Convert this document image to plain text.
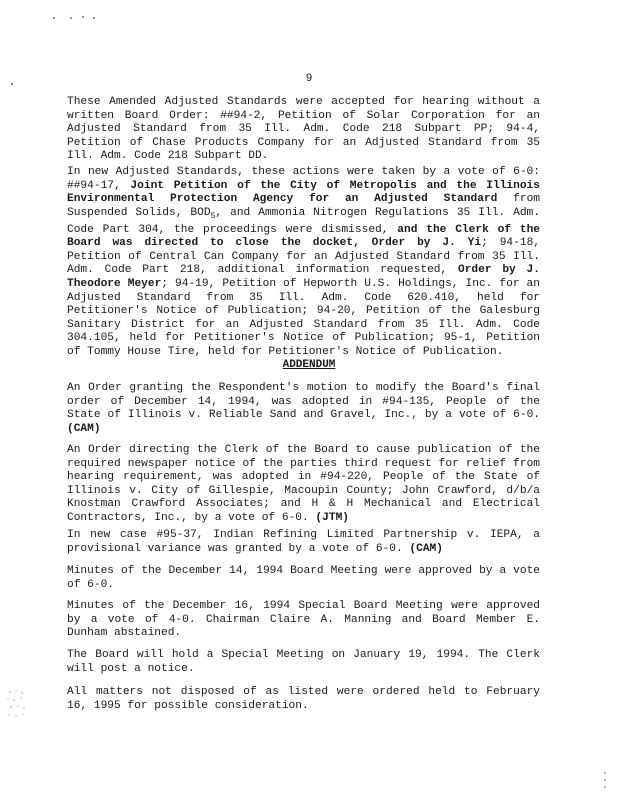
9

These Amended Adjusted Standards were accepted for hearing without a written Board Order: ##94-2, Petition of Solar Corporation for an Adjusted Standard from 35 Ill. Adm. Code 218 Subpart PP; 94-4, Petition of Chase Products Company for an Adjusted Standard from 35 Ill. Adm. Code 218 Subpart DD.

In new Adjusted Standards, these actions were taken by a vote of 6-0: ##94-17, Joint Petition of the City of Metropolis and the Illinois Environmental Protection Agency for an Adjusted Standard from Suspended Solids, $BOD_5$, and Ammonia Nitrogen Regulations 35 Ill. Adm. Code Part 304, the proceedings were dismissed, and the Clerk of the Board was directed to close the docket, Order by J. Yi; 94-18, Petition of Central Can Company for an Adjusted Standard from 35 Ill. Adm. Code Part 218, additional information requested, Order by J. Theodore Meyer; 94-19, Petition of Hepworth U.S. Holdings, Inc. for an Adjusted Standard from 35 Ill. Adm. Code 620.410, held for Petitioner's Notice of Publication; 94-20, Petition of the Galesburg Sanitary District for an Adjusted Standard from 35 Ill. Adm. Code 304.105, held for Petitioner's Notice of Publication; 95-1, Petition of Tommy House Tire, held for Petitioner's Notice of Publication.

ADDENDUM

An Order granting the Respondent's motion to modify the Board's final order of December 14, 1994, was adopted in #94-135, People of the State of Illinois v. Reliable Sand and Gravel, Inc., by a vote of 6-0. (CAM)

An Order directing the Clerk of the Board to cause publication of the required newspaper notice of the parties third request for relief from hearing requirement, was adopted in #94-220, People of the State of Illinois v. City of Gillespie, Macoupin County; John Crawford, d/b/a Knostman Crawford Associates; and H & H Mechanical and Electrical Contractors, Inc., by a vote of 6-0. (JTM)

In new case #95-37, Indian Refining Limited Partnership v. IEPA, a provisional variance was granted by a vote of 6-0. (CAM)

Minutes of the December 14, 1994 Board Meeting were approved by a vote of 6-0.

Minutes of the December 16, 1994 Special Board Meeting were approved by a vote of 4-0. Chairman Claire A. Manning and Board Member E. Dunham abstained.

The Board will hold a Special Meeting on January 19, 1994. The Clerk will post a notice.

All matters not disposed of as listed were ordered held to February 16, 1995 for possible consideration.
